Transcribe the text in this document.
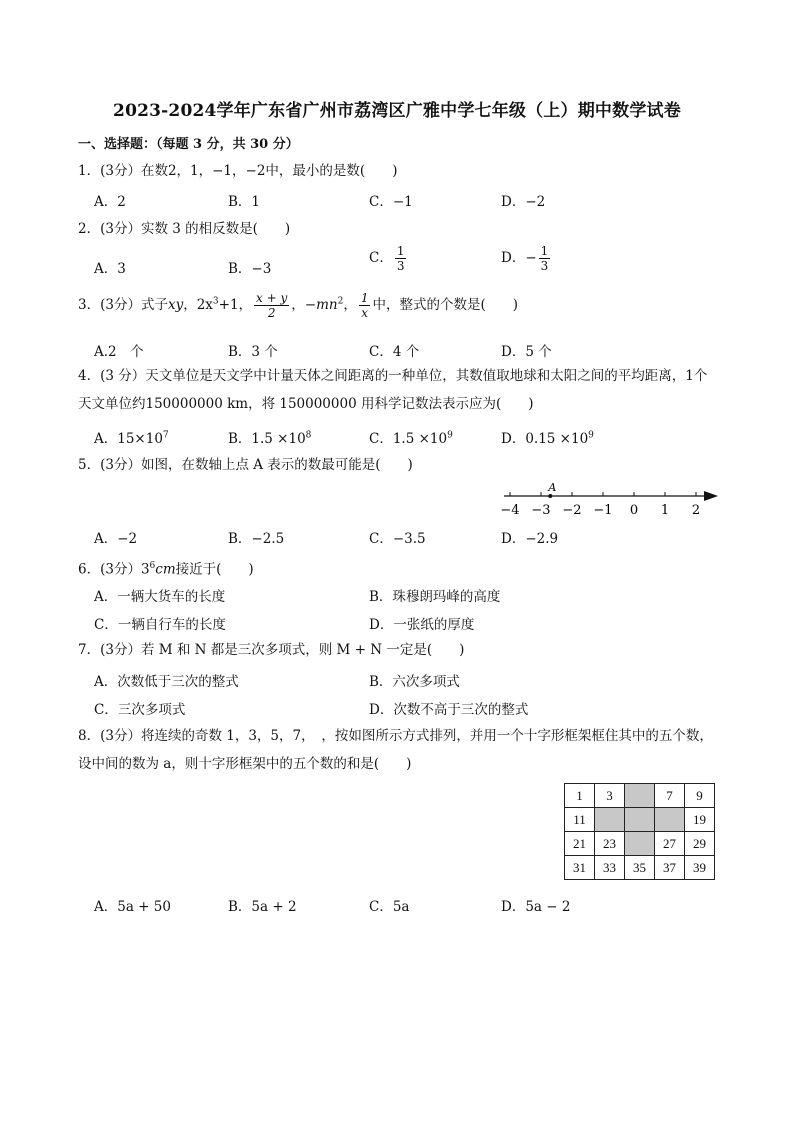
2023-2024学年广东省广州市荔湾区广雅中学七年级（上）期中数学试卷
一、选择题：（每题 3 分，共 30 分）
1．(3分）在数2，1，−1，−2中，最小的是数(　　)
A．2	B．1	C．−1	D．−2
2．(3分）实数 3 的相反数是(　　)
A．3	B．−3
C． $\frac{1}{3}$	D．− $\frac{1}{3}$
3．(3分）式子xy，$2x^3+1$， $\frac{x + y}{2}$ ，$-mn^2$， $\frac{1}{x}$ 中，整式的个数是(　　)
A.2　个	B．3 个	C．4 个	D．5 个
4．(3 分）天文单位是天文学中计量天体之间距离的一种单位，其数值取地球和太阳之间的平均距离，1个天文单位约150000000 km，将 150000000 用科学记数法表示应为(　　)
A．$15\times 10^7$	B．$1.5 \times 10^8$	C．$1.5 \times 10^9$	D．$0.15 \times 10^9$
5．(3分）如图，在数轴上点 A 表示的数最可能是(　　)
−4 −3 −2 −1 0 1 2
A
A．−2	B．−2.5	C．−3.5	D．−2.9
6．(3分）$3^6cm$接近于(　　)
A．一辆大货车的长度	B．珠穆朗玛峰的高度
C．一辆自行车的长度	D．一张纸的厚度
7．(3分）若 M 和 N 都是三次多项式，则 M + N 一定是(　　)
A．次数低于三次的整式	B．六次多项式
C．三次多项式	D．次数不高于三次的整式
8．(3分）将连续的奇数 1，3，5，7，　，按如图所示方式排列，并用一个十字形框架框住其中的五个数，设中间的数为 a，则十字形框架中的五个数的和是(　　)
1	3		7	9
11				19
21	23		27	29
31	33	35	37	39
A．5a + 50	B．5a + 2	C．5a	D．5a − 2
